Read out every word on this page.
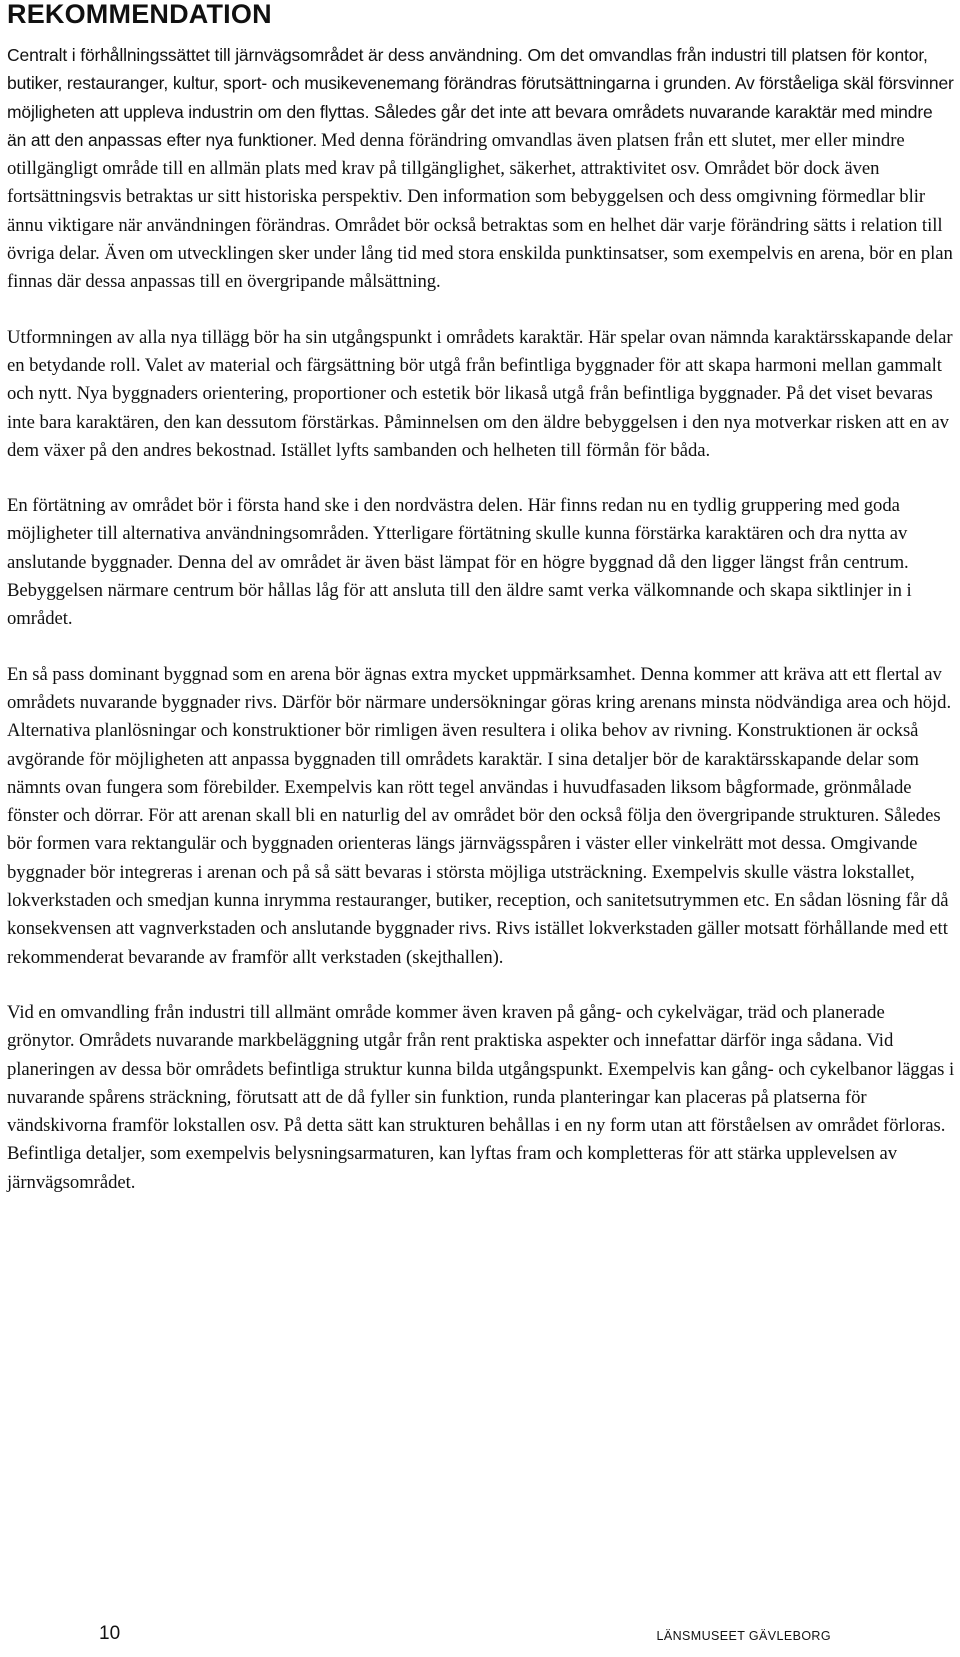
REKOMMENDATION

Centralt i förhållningssättet till järnvägsområdet är dess användning. Om det omvandlas från industri till platsen för kontor, butiker, restauranger, kultur, sport- och musikevenemang förändras förutsättningarna i grunden. Av förståeliga skäl försvinner möjligheten att uppleva industrin om den flyttas. Således går det inte att bevara områdets nuvarande karaktär med mindre än att den anpassas efter nya funktioner. Med denna förändring omvandlas även platsen från ett slutet, mer eller mindre otillgängligt område till en allmän plats med krav på tillgänglighet, säkerhet, attraktivitet osv. Området bör dock även fortsättningsvis betraktas ur sitt historiska perspektiv. Den information som bebyggelsen och dess omgivning förmedlar blir ännu viktigare när användningen förändras. Området bör också betraktas som en helhet där varje förändring sätts i relation till övriga delar. Även om utvecklingen sker under lång tid med stora enskilda punktinsatser, som exempelvis en arena, bör en plan finnas där dessa anpassas till en övergripande målsättning.

Utformningen av alla nya tillägg bör ha sin utgångspunkt i områdets karaktär. Här spelar ovan nämnda karaktärsskapande delar en betydande roll. Valet av material och färgsättning bör utgå från befintliga byggnader för att skapa harmoni mellan gammalt och nytt. Nya byggnaders orientering, proportioner och estetik bör likaså utgå från befintliga byggnader. På det viset bevaras inte bara karaktären, den kan dessutom förstärkas. Påminnelsen om den äldre bebyggelsen i den nya motverkar risken att en av dem växer på den andres bekostnad. Istället lyfts sambanden och helheten till förmån för båda.

En förtätning av området bör i första hand ske i den nordvästra delen. Här finns redan nu en tydlig gruppering med goda möjligheter till alternativa användningsområden. Ytterligare förtätning skulle kunna förstärka karaktären och dra nytta av anslutande byggnader. Denna del av området är även bäst lämpat för en högre byggnad då den ligger längst från centrum. Bebyggelsen närmare centrum bör hållas låg för att ansluta till den äldre samt verka välkomnande och skapa siktlinjer in i området.

En så pass dominant byggnad som en arena bör ägnas extra mycket uppmärksamhet. Denna kommer att kräva att ett flertal av områdets nuvarande byggnader rivs. Därför bör närmare undersökningar göras kring arenans minsta nödvändiga area och höjd. Alternativa planlösningar och konstruktioner bör rimligen även resultera i olika behov av rivning. Konstruktionen är också avgörande för möjligheten att anpassa byggnaden till områdets karaktär. I sina detaljer bör de karaktärsskapande delar som nämnts ovan fungera som förebilder. Exempelvis kan rött tegel användas i huvudfasaden liksom bågformade, grönmålade fönster och dörrar. För att arenan skall bli en naturlig del av området bör den också följa den övergripande strukturen. Således bör formen vara rektangulär och byggnaden orienteras längs järnvägsspåren i väster eller vinkelrätt mot dessa. Omgivande byggnader bör integreras i arenan och på så sätt bevaras i största möjliga utsträckning. Exempelvis skulle västra lokstallet, lokverkstaden och smedjan kunna inrymma restauranger, butiker, reception, och sanitetsutrymmen etc. En sådan lösning får då konsekvensen att vagnverkstaden och anslutande byggnader rivs. Rivs istället lokverkstaden gäller motsatt förhållande med ett rekommenderat bevarande av framför allt verkstaden (skejthallen).

Vid en omvandling från industri till allmänt område kommer även kraven på gång- och cykelvägar, träd och planerade grönytor. Områdets nuvarande markbeläggning utgår från rent praktiska aspekter och innefattar därför inga sådana. Vid planeringen av dessa bör områdets befintliga struktur kunna bilda utgångspunkt. Exempelvis kan gång- och cykelbanor läggas i nuvarande spårens sträckning, förutsatt att de då fyller sin funktion, runda planteringar kan placeras på platserna för vändskivorna framför lokstallen osv. På detta sätt kan strukturen behållas i en ny form utan att förståelsen av området förloras. Befintliga detaljer, som exempelvis belysningsarmaturen, kan lyftas fram och kompletteras för att stärka upplevelsen av järnvägsområdet.

10	LÄNSMUSEET GÄVLEBORG
